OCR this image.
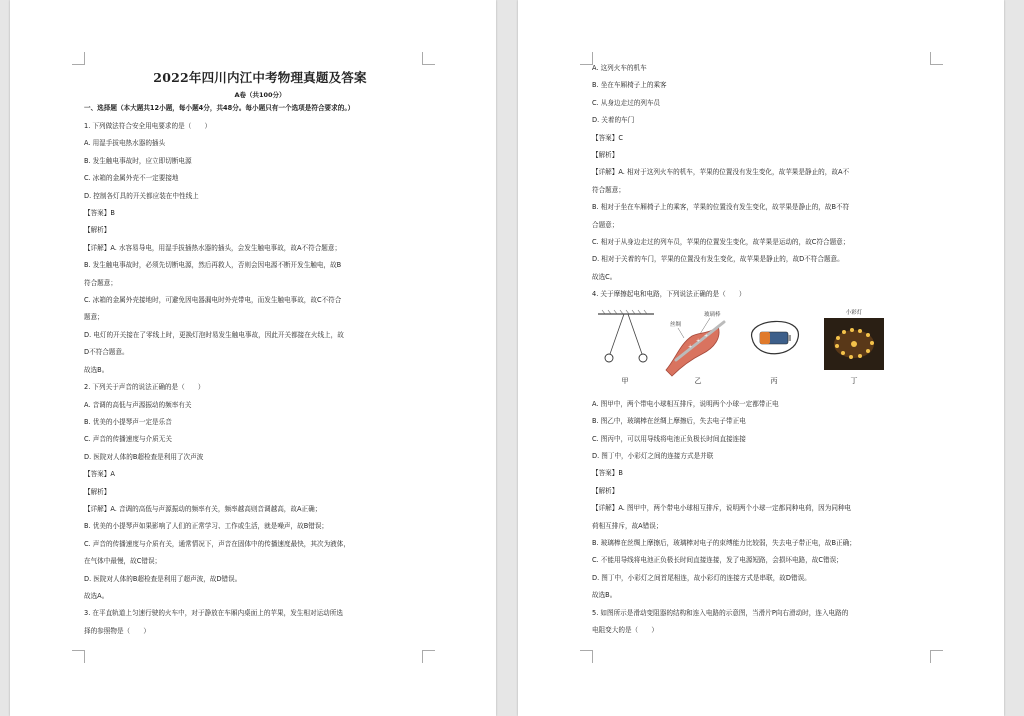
2022年四川内江中考物理真题及答案
A卷（共100分）
一、选择题（本大题共12小题，每小题4分，共48分。每小题只有一个选项是符合要求的。）
1. 下列做法符合安全用电要求的是（　　）
A. 用湿手拔电热水器的插头
B. 发生触电事故时，应立即切断电源
C. 冰箱的金属外壳不一定要接地
D. 控制各灯具的开关都应装在中性线上
【答案】B
【解析】
【详解】A. 水容易导电，用湿手拔插热水器的插头，会发生触电事故，故A不符合题意；
B. 发生触电事故时，必须先切断电源，然后再救人，否则会因电源不断开发生触电，故B
符合题意；
C. 冰箱的金属外壳接地时，可避免因电器漏电时外壳带电，而发生触电事故，故C不符合
题意；
D. 电灯的开关接在了零线上时，更换灯泡时易发生触电事故，因此开关都接在火线上，故
D不符合题意。
故选B。
2. 下列关于声音的说法正确的是（　　）
A. 音调的高低与声源振动的频率有关
B. 优美的小提琴声一定是乐音
C. 声音的传播速度与介质无关
D. 医院对人体的B超检查是利用了次声波
【答案】A
【解析】
【详解】A. 音调的高低与声源振动的频率有关，频率越高则音调越高，故A正确；
B. 优美的小提琴声如果影响了人们的正常学习、工作或生活，就是噪声，故B错误；
C. 声音的传播速度与介质有关，通常情况下，声音在固体中的传播速度最快，其次为液体，
在气体中最慢，故C错误；
D. 医院对人体的B超检查是利用了超声波，故D错误。
故选A。
3. 在平直轨道上匀速行驶的火车中，对于静放在车厢内桌面上的苹果，发生相对运动所选
择的参照物是（　　）
A. 这列火车的机车
B. 坐在车厢椅子上的乘客
C. 从身边走过的列车员
D. 关着的车门
【答案】C
【解析】
【详解】A. 相对于这列火车的机车，苹果的位置没有发生变化，故苹果是静止的，故A不
符合题意；
B. 相对于坐在车厢椅子上的乘客，苹果的位置没有发生变化，故苹果是静止的，故B不符
合题意；
C. 相对于从身边走过的列车员，苹果的位置发生变化，故苹果是运动的，故C符合题意；
D. 相对于关着的车门，苹果的位置没有发生变化，故苹果是静止的，故D不符合题意。
故选C。
4. 关于摩擦起电和电路，下列说法正确的是（　　）
玻璃棒
丝绸
+
+
+
小彩灯
甲	乙	丙	丁
A. 图甲中，两个带电小球相互排斥，说明两个小球一定都带正电
B. 图乙中，玻璃棒在丝绸上摩擦后，失去电子带正电
C. 图丙中，可以用导线将电池正负极长时间直接连接
D. 图丁中，小彩灯之间的连接方式是并联
【答案】B
【解析】
【详解】A. 图甲中，两个带电小球相互排斥，说明两个小球一定都同种电荷，因为同种电
荷相互排斥，故A错误；
B. 玻璃棒在丝绸上摩擦后，玻璃棒对电子的束缚能力比较弱，失去电子带正电，故B正确；
C. 不能用导线将电池正负极长时间直接连接，发了电源短路，会损坏电路，故C错误；
D. 图丁中，小彩灯之间首尾相连，故小彩灯的连接方式是串联，故D错误。
故选B。
5. 如图所示是滑动变阻器的结构和连入电路的示意图，当滑片P向右滑动时，连入电路的
电阻变大的是（　　）
